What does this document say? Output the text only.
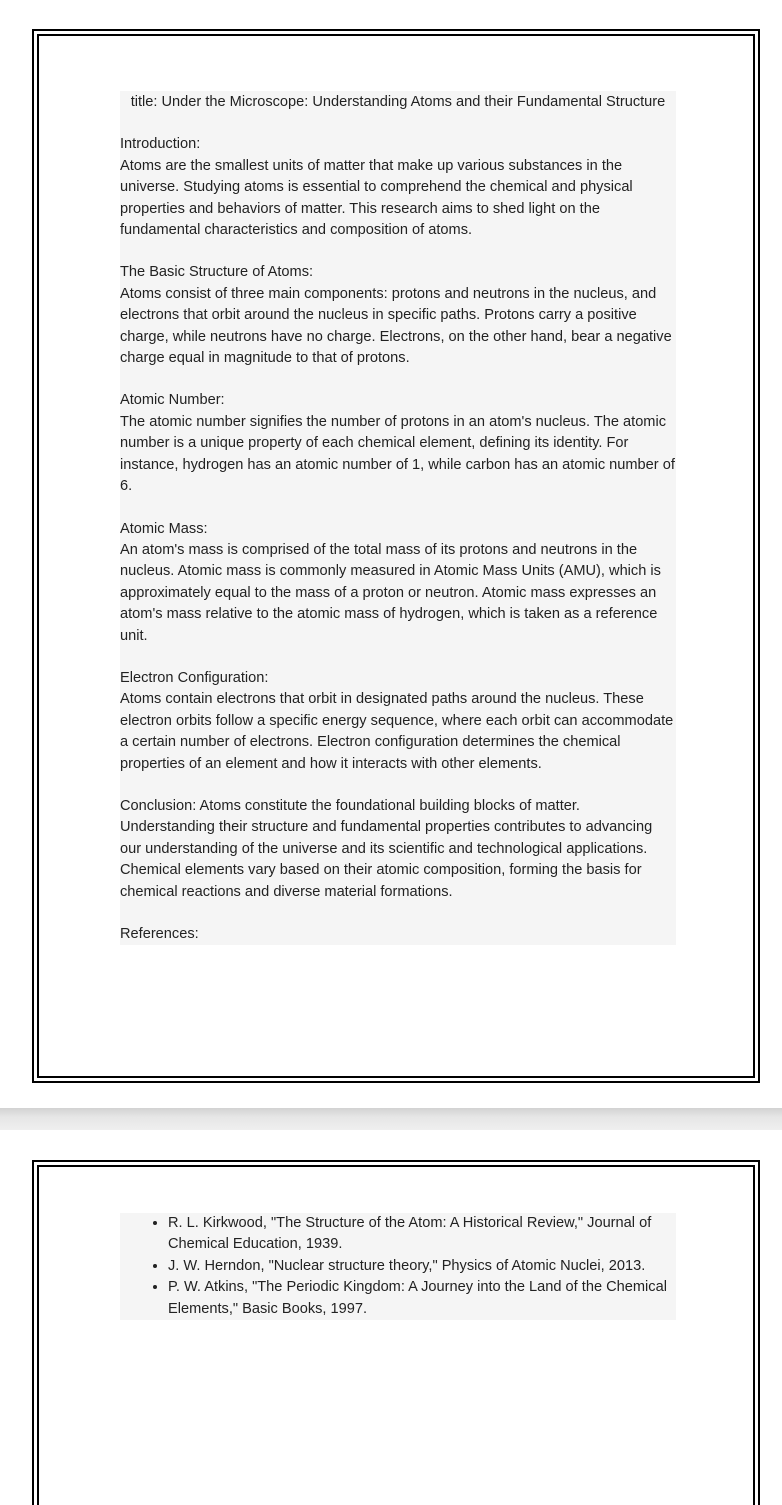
title: Under the Microscope: Understanding Atoms and their Fundamental Structure
Introduction:
Atoms are the smallest units of matter that make up various substances in the universe. Studying atoms is essential to comprehend the chemical and physical properties and behaviors of matter. This research aims to shed light on the fundamental characteristics and composition of atoms.
The Basic Structure of Atoms:
Atoms consist of three main components: protons and neutrons in the nucleus, and electrons that orbit around the nucleus in specific paths. Protons carry a positive charge, while neutrons have no charge. Electrons, on the other hand, bear a negative charge equal in magnitude to that of protons.
Atomic Number:
The atomic number signifies the number of protons in an atom's nucleus. The atomic number is a unique property of each chemical element, defining its identity. For instance, hydrogen has an atomic number of 1, while carbon has an atomic number of 6.
Atomic Mass:
An atom's mass is comprised of the total mass of its protons and neutrons in the nucleus. Atomic mass is commonly measured in Atomic Mass Units (AMU), which is approximately equal to the mass of a proton or neutron. Atomic mass expresses an atom's mass relative to the atomic mass of hydrogen, which is taken as a reference unit.
Electron Configuration:
Atoms contain electrons that orbit in designated paths around the nucleus. These electron orbits follow a specific energy sequence, where each orbit can accommodate a certain number of electrons. Electron configuration determines the chemical properties of an element and how it interacts with other elements.
Conclusion: Atoms constitute the foundational building blocks of matter. Understanding their structure and fundamental properties contributes to advancing our understanding of the universe and its scientific and technological applications. Chemical elements vary based on their atomic composition, forming the basis for chemical reactions and diverse material formations.
References:
• R. L. Kirkwood, "The Structure of the Atom: A Historical Review," Journal of Chemical Education, 1939.
• J. W. Herndon, "Nuclear structure theory," Physics of Atomic Nuclei, 2013.
• P. W. Atkins, "The Periodic Kingdom: A Journey into the Land of the Chemical Elements," Basic Books, 1997.
